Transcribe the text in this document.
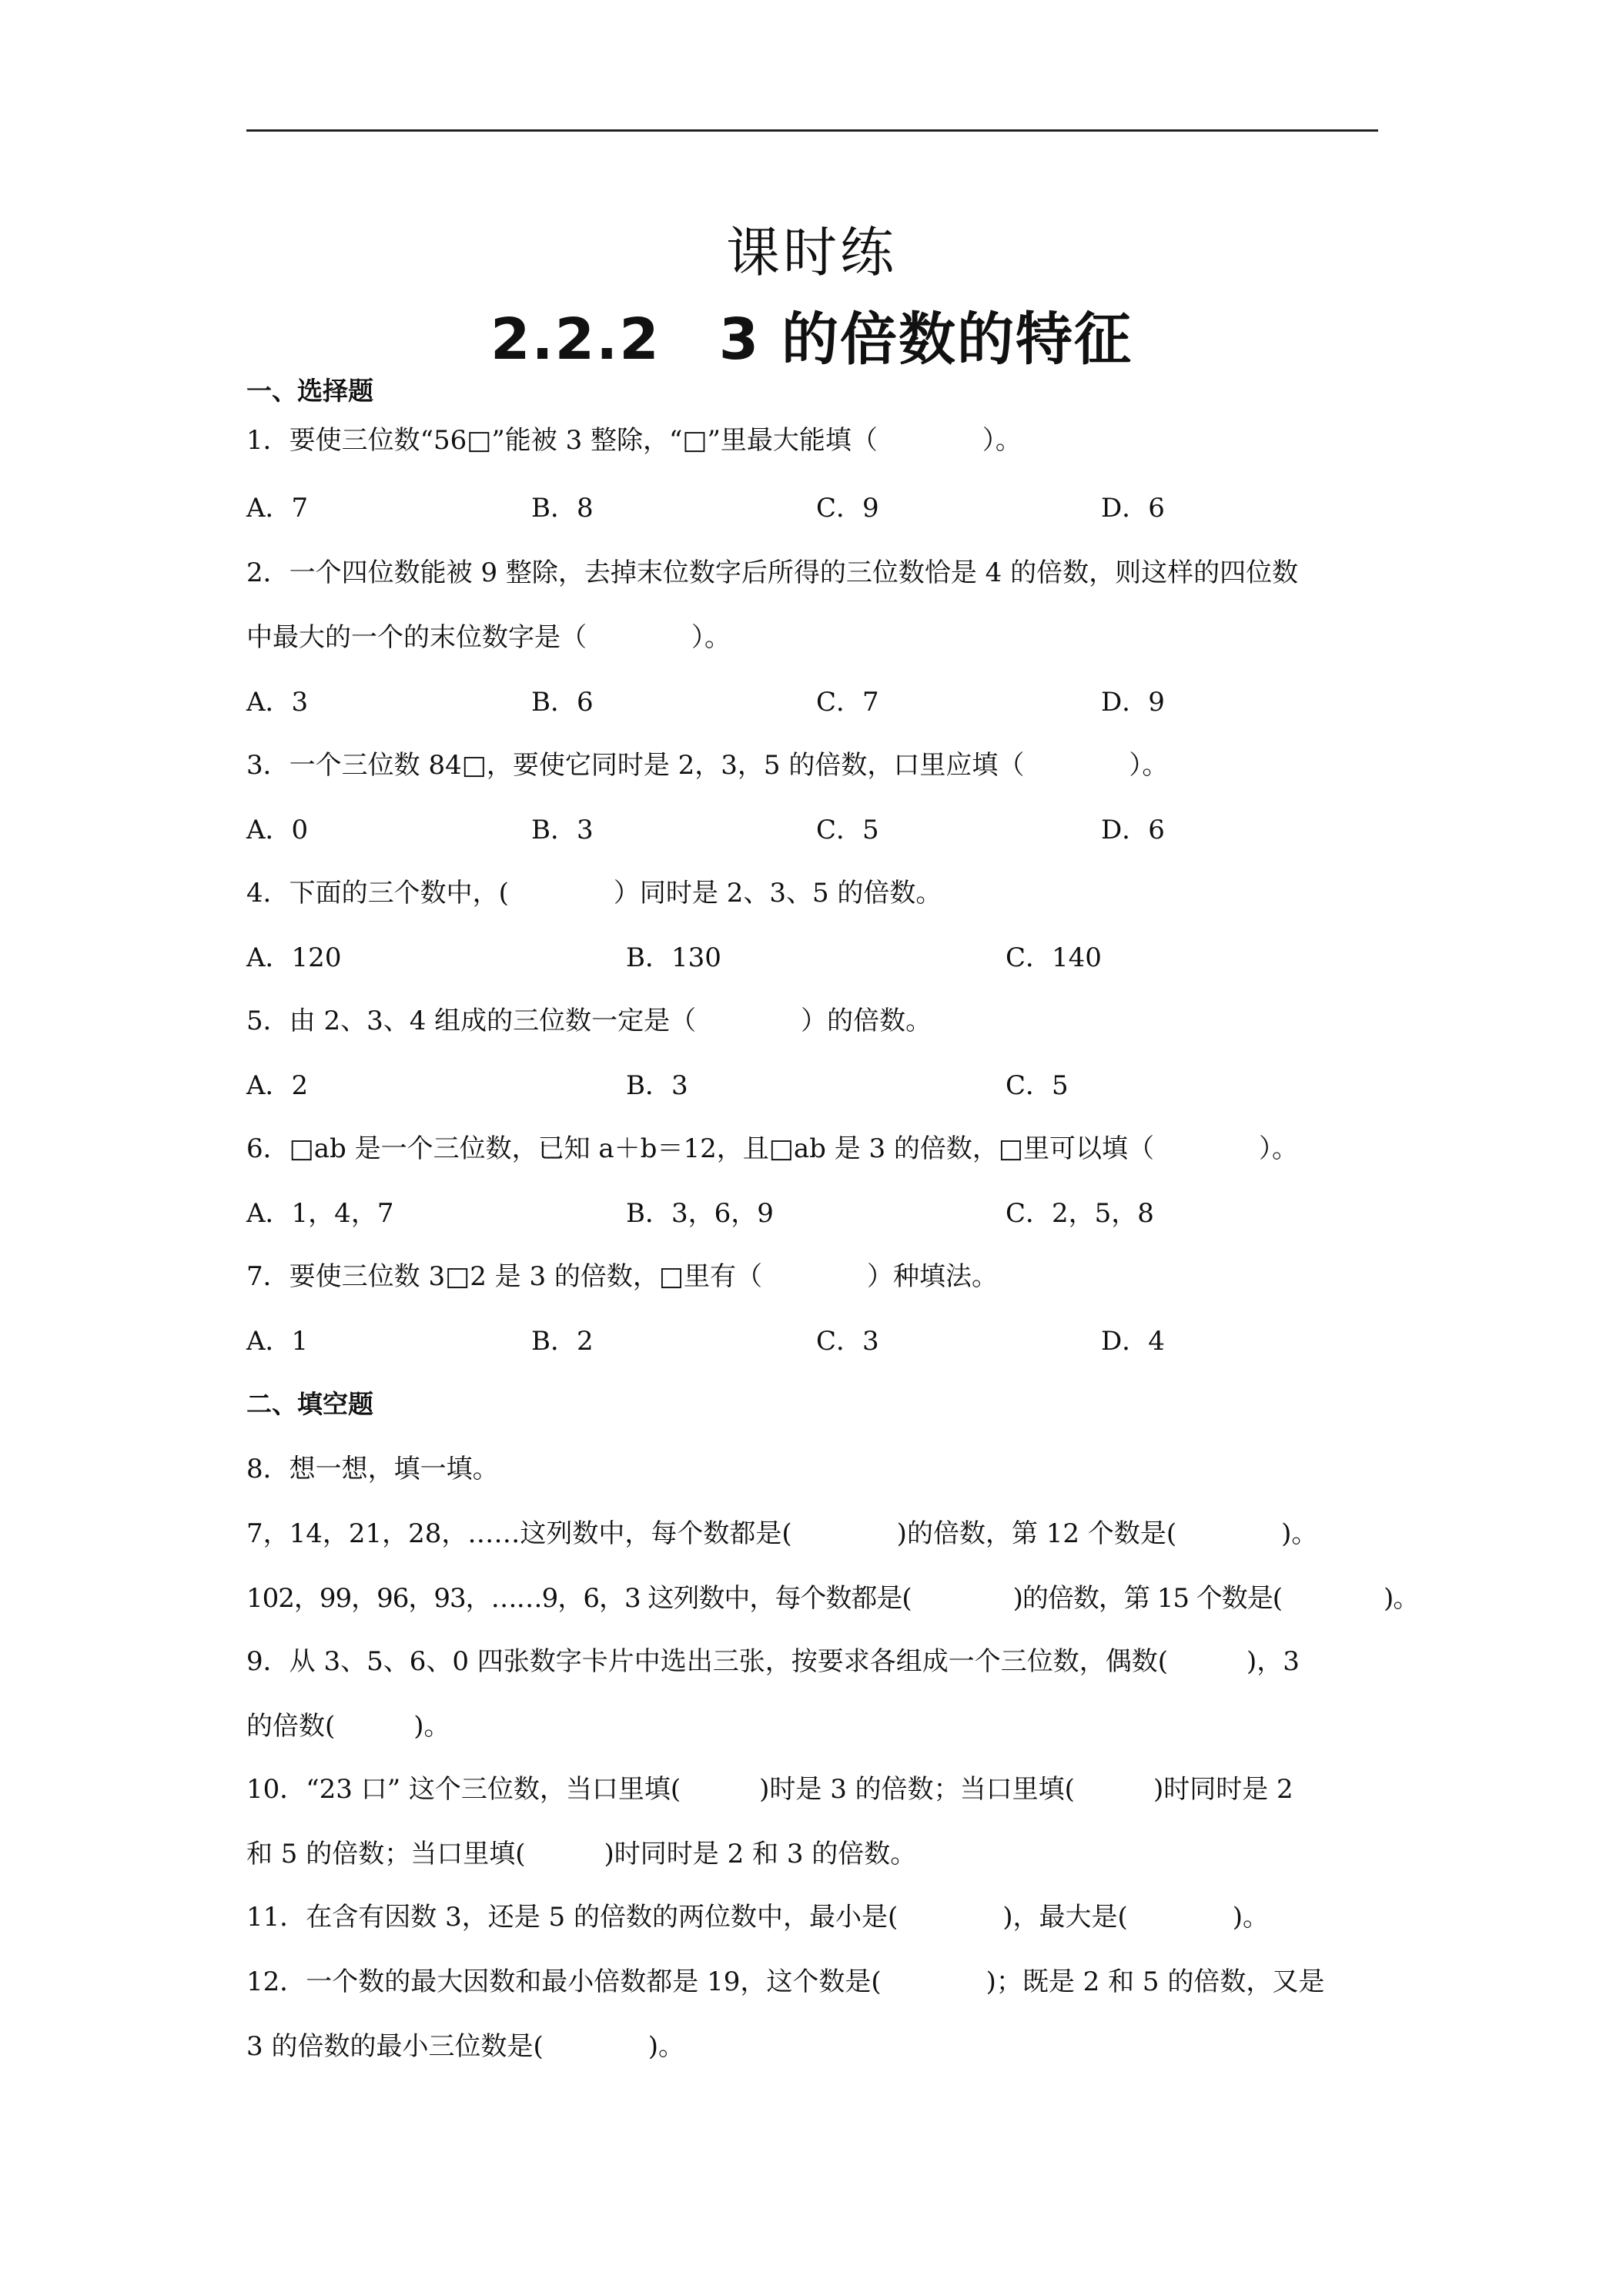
课时练
2.2.2　3 的倍数的特征
一、选择题
1．要使三位数“56□”能被 3 整除，“□”里最大能填（　　　　）。
A．7	B．8	C．9	D．6
2．一个四位数能被 9 整除，去掉末位数字后所得的三位数恰是 4 的倍数，则这样的四位数
中最大的一个的末位数字是（　　　　）。
A．3	B．6	C．7	D．9
3．一个三位数 84□，要使它同时是 2，3，5 的倍数，口里应填（　　　　）。
A．0	B．3	C．5	D．6
4．下面的三个数中，(　　　　）同时是 2、3、5 的倍数。
A．120	B．130	C．140
5．由 2、3、4 组成的三位数一定是（　　　　）的倍数。
A．2	B．3	C．5
6．□ab 是一个三位数，已知 a＋b＝12，且□ab 是 3 的倍数，□里可以填（　　　　）。
A．1，4，7	B．3，6，9	C．2，5，8
7．要使三位数 3□2 是 3 的倍数，□里有（　　　　）种填法。
A．1	B．2	C．3	D．4
二、填空题
8．想一想，填一填。
7，14，21，28，……这列数中，每个数都是(　　　　)的倍数，第 12 个数是(　　　　)。
102，99，96，93，……9，6，3 这列数中，每个数都是(　　　　)的倍数，第 15 个数是(　　　　)。
9．从 3、5、6、0 四张数字卡片中选出三张，按要求各组成一个三位数，偶数(　　　)，3
的倍数(　　　)。
10．“23 口” 这个三位数，当口里填(　　　)时是 3 的倍数；当口里填(　　　)时同时是 2
和 5 的倍数；当口里填(　　　)时同时是 2 和 3 的倍数。
11．在含有因数 3，还是 5 的倍数的两位数中，最小是(　　　　)，最大是(　　　　)。
12．一个数的最大因数和最小倍数都是 19，这个数是(　　　　)；既是 2 和 5 的倍数，又是
3 的倍数的最小三位数是(　　　　)。
